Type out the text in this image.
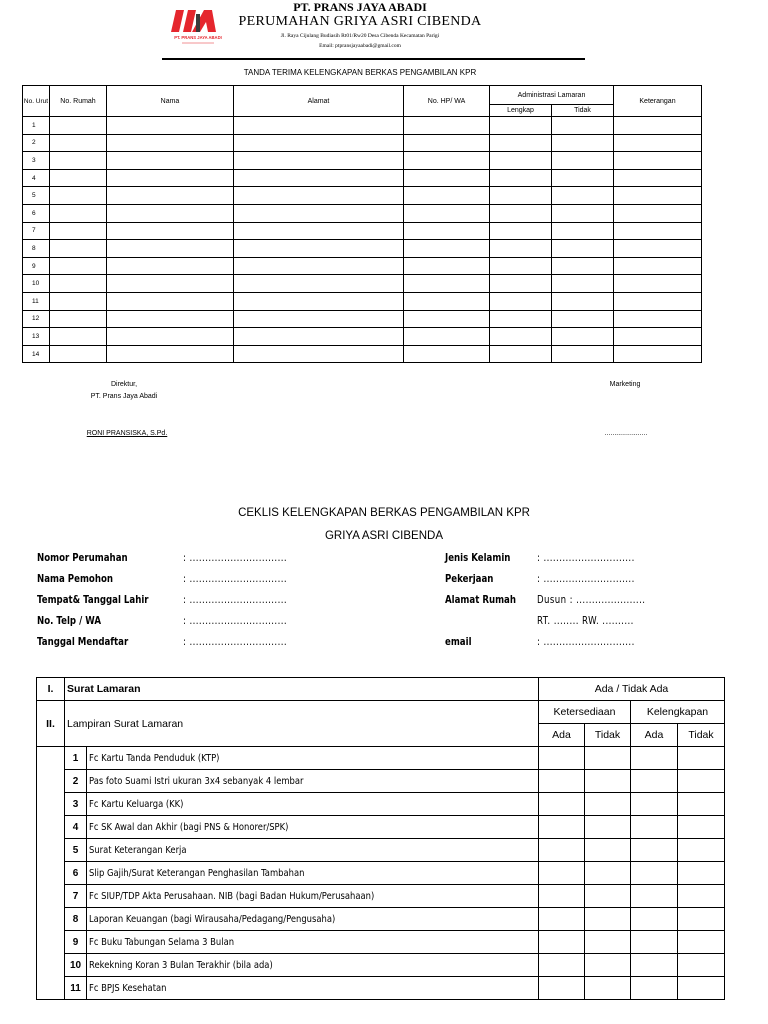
PT. PRANS JAYA ABADI
PT. PRANS JAYA ABADI
PERUMAHAN GRIYA ASRI CIBENDA
Jl. Raya Cijulang Budiasih Rt01/Rw20 Desa Cibenda Kecamatan Parigi
Email: ptpransjayaabadi@gmail.com
TANDA TERIMA KELENGKAPAN BERKAS PENGAMBILAN KPR
No. Urut	No. Rumah	Nama	Alamat	No. HP/ WA	Administrasi Lamaran		Keterangan
					Lengkap	Tidak	
1							
2							
3							
4							
5							
6							
7							
8							
9							
10							
11							
12							
13							
14							
Direktur,
PT. Prans Jaya Abadi
RONI PRANSISKA, S.Pd.
Marketing
......................
CEKLIS KELENGKAPAN BERKAS PENGAMBILAN KPR
GRIYA ASRI CIBENDA
Nomor Perumahan	: ...............................
Nama Pemohon	: ...............................
Tempat& Tanggal Lahir	: ...............................
No. Telp / WA	: ...............................
Tanggal Mendaftar	: ...............................
Jenis Kelamin	: .............................
Pekerjaan	: .............................
Alamat Rumah Dusun : ......................
RT. ........ RW. ..........
email	: .............................
I.	Surat Lamaran		Ada / Tidak Ada			
II.	Lampiran Surat Lamaran		Ketersediaan		Kelengkapan	
			Ada	Tidak	Ada	Tidak
	1	Fc Kartu Tanda Penduduk (KTP)				
	2	Pas foto Suami Istri ukuran 3x4 sebanyak 4 lembar				
	3	Fc Kartu Keluarga (KK)				
	4	Fc SK Awal dan Akhir (bagi PNS & Honorer/SPK)				
	5	Surat Keterangan Kerja				
	6	Slip Gajih/Surat Keterangan Penghasilan Tambahan				
	7	Fc SIUP/TDP Akta Perusahaan. NIB (bagi Badan Hukum/Perusahaan)				
	8	Laporan Keuangan (bagi Wirausaha/Pedagang/Pengusaha)				
	9	Fc Buku Tabungan Selama 3 Bulan				
	10	Rekekning Koran 3 Bulan Terakhir (bila ada)				
	11	Fc BPJS Kesehatan				
